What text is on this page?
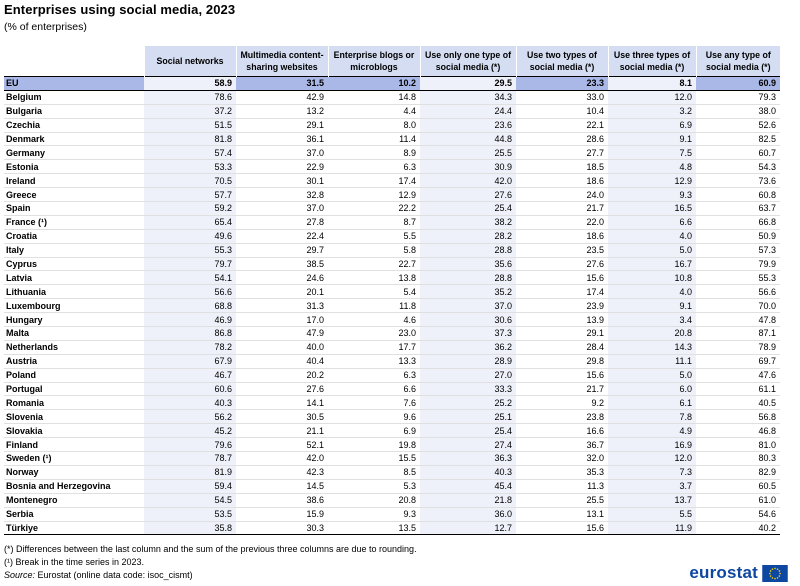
Enterprises using social media, 2023
(% of enterprises)
	Social networks	Multimedia content-sharing websites	Enterprise blogs or microblogs	Use only one type of social media (*)	Use two types of social media (*)	Use three types of social media (*)	Use any type of social media (*)
EU	58.9	31.5	10.2	29.5	23.3	8.1	60.9
Belgium	78.6	42.9	14.8	34.3	33.0	12.0	79.3
Bulgaria	37.2	13.2	4.4	24.4	10.4	3.2	38.0
Czechia	51.5	29.1	8.0	23.6	22.1	6.9	52.6
Denmark	81.8	36.1	11.4	44.8	28.6	9.1	82.5
Germany	57.4	37.0	8.9	25.5	27.7	7.5	60.7
Estonia	53.3	22.9	6.3	30.9	18.5	4.8	54.3
Ireland	70.5	30.1	17.4	42.0	18.6	12.9	73.6
Greece	57.7	32.8	12.9	27.6	24.0	9.3	60.8
Spain	59.2	37.0	22.2	25.4	21.7	16.5	63.7
France (¹)	65.4	27.8	8.7	38.2	22.0	6.6	66.8
Croatia	49.6	22.4	5.5	28.2	18.6	4.0	50.9
Italy	55.3	29.7	5.8	28.8	23.5	5.0	57.3
Cyprus	79.7	38.5	22.7	35.6	27.6	16.7	79.9
Latvia	54.1	24.6	13.8	28.8	15.6	10.8	55.3
Lithuania	56.6	20.1	5.4	35.2	17.4	4.0	56.6
Luxembourg	68.8	31.3	11.8	37.0	23.9	9.1	70.0
Hungary	46.9	17.0	4.6	30.6	13.9	3.4	47.8
Malta	86.8	47.9	23.0	37.3	29.1	20.8	87.1
Netherlands	78.2	40.0	17.7	36.2	28.4	14.3	78.9
Austria	67.9	40.4	13.3	28.9	29.8	11.1	69.7
Poland	46.7	20.2	6.3	27.0	15.6	5.0	47.6
Portugal	60.6	27.6	6.6	33.3	21.7	6.0	61.1
Romania	40.3	14.1	7.6	25.2	9.2	6.1	40.5
Slovenia	56.2	30.5	9.6	25.1	23.8	7.8	56.8
Slovakia	45.2	21.1	6.9	25.4	16.6	4.9	46.8
Finland	79.6	52.1	19.8	27.4	36.7	16.9	81.0
Sweden (¹)	78.7	42.0	15.5	36.3	32.0	12.0	80.3
Norway	81.9	42.3	8.5	40.3	35.3	7.3	82.9
Bosnia and Herzegovina	59.4	14.5	5.3	45.4	11.3	3.7	60.5
Montenegro	54.5	38.6	20.8	21.8	25.5	13.7	61.0
Serbia	53.5	15.9	9.3	36.0	13.1	5.5	54.6
Türkiye	35.8	30.3	13.5	12.7	15.6	11.9	40.2
(*) Differences between the last column and the sum of the previous three columns are due to rounding.
(¹) Break in the time series in 2023.
Source: Eurostat (online data code: isoc_cismt)	eurostat
